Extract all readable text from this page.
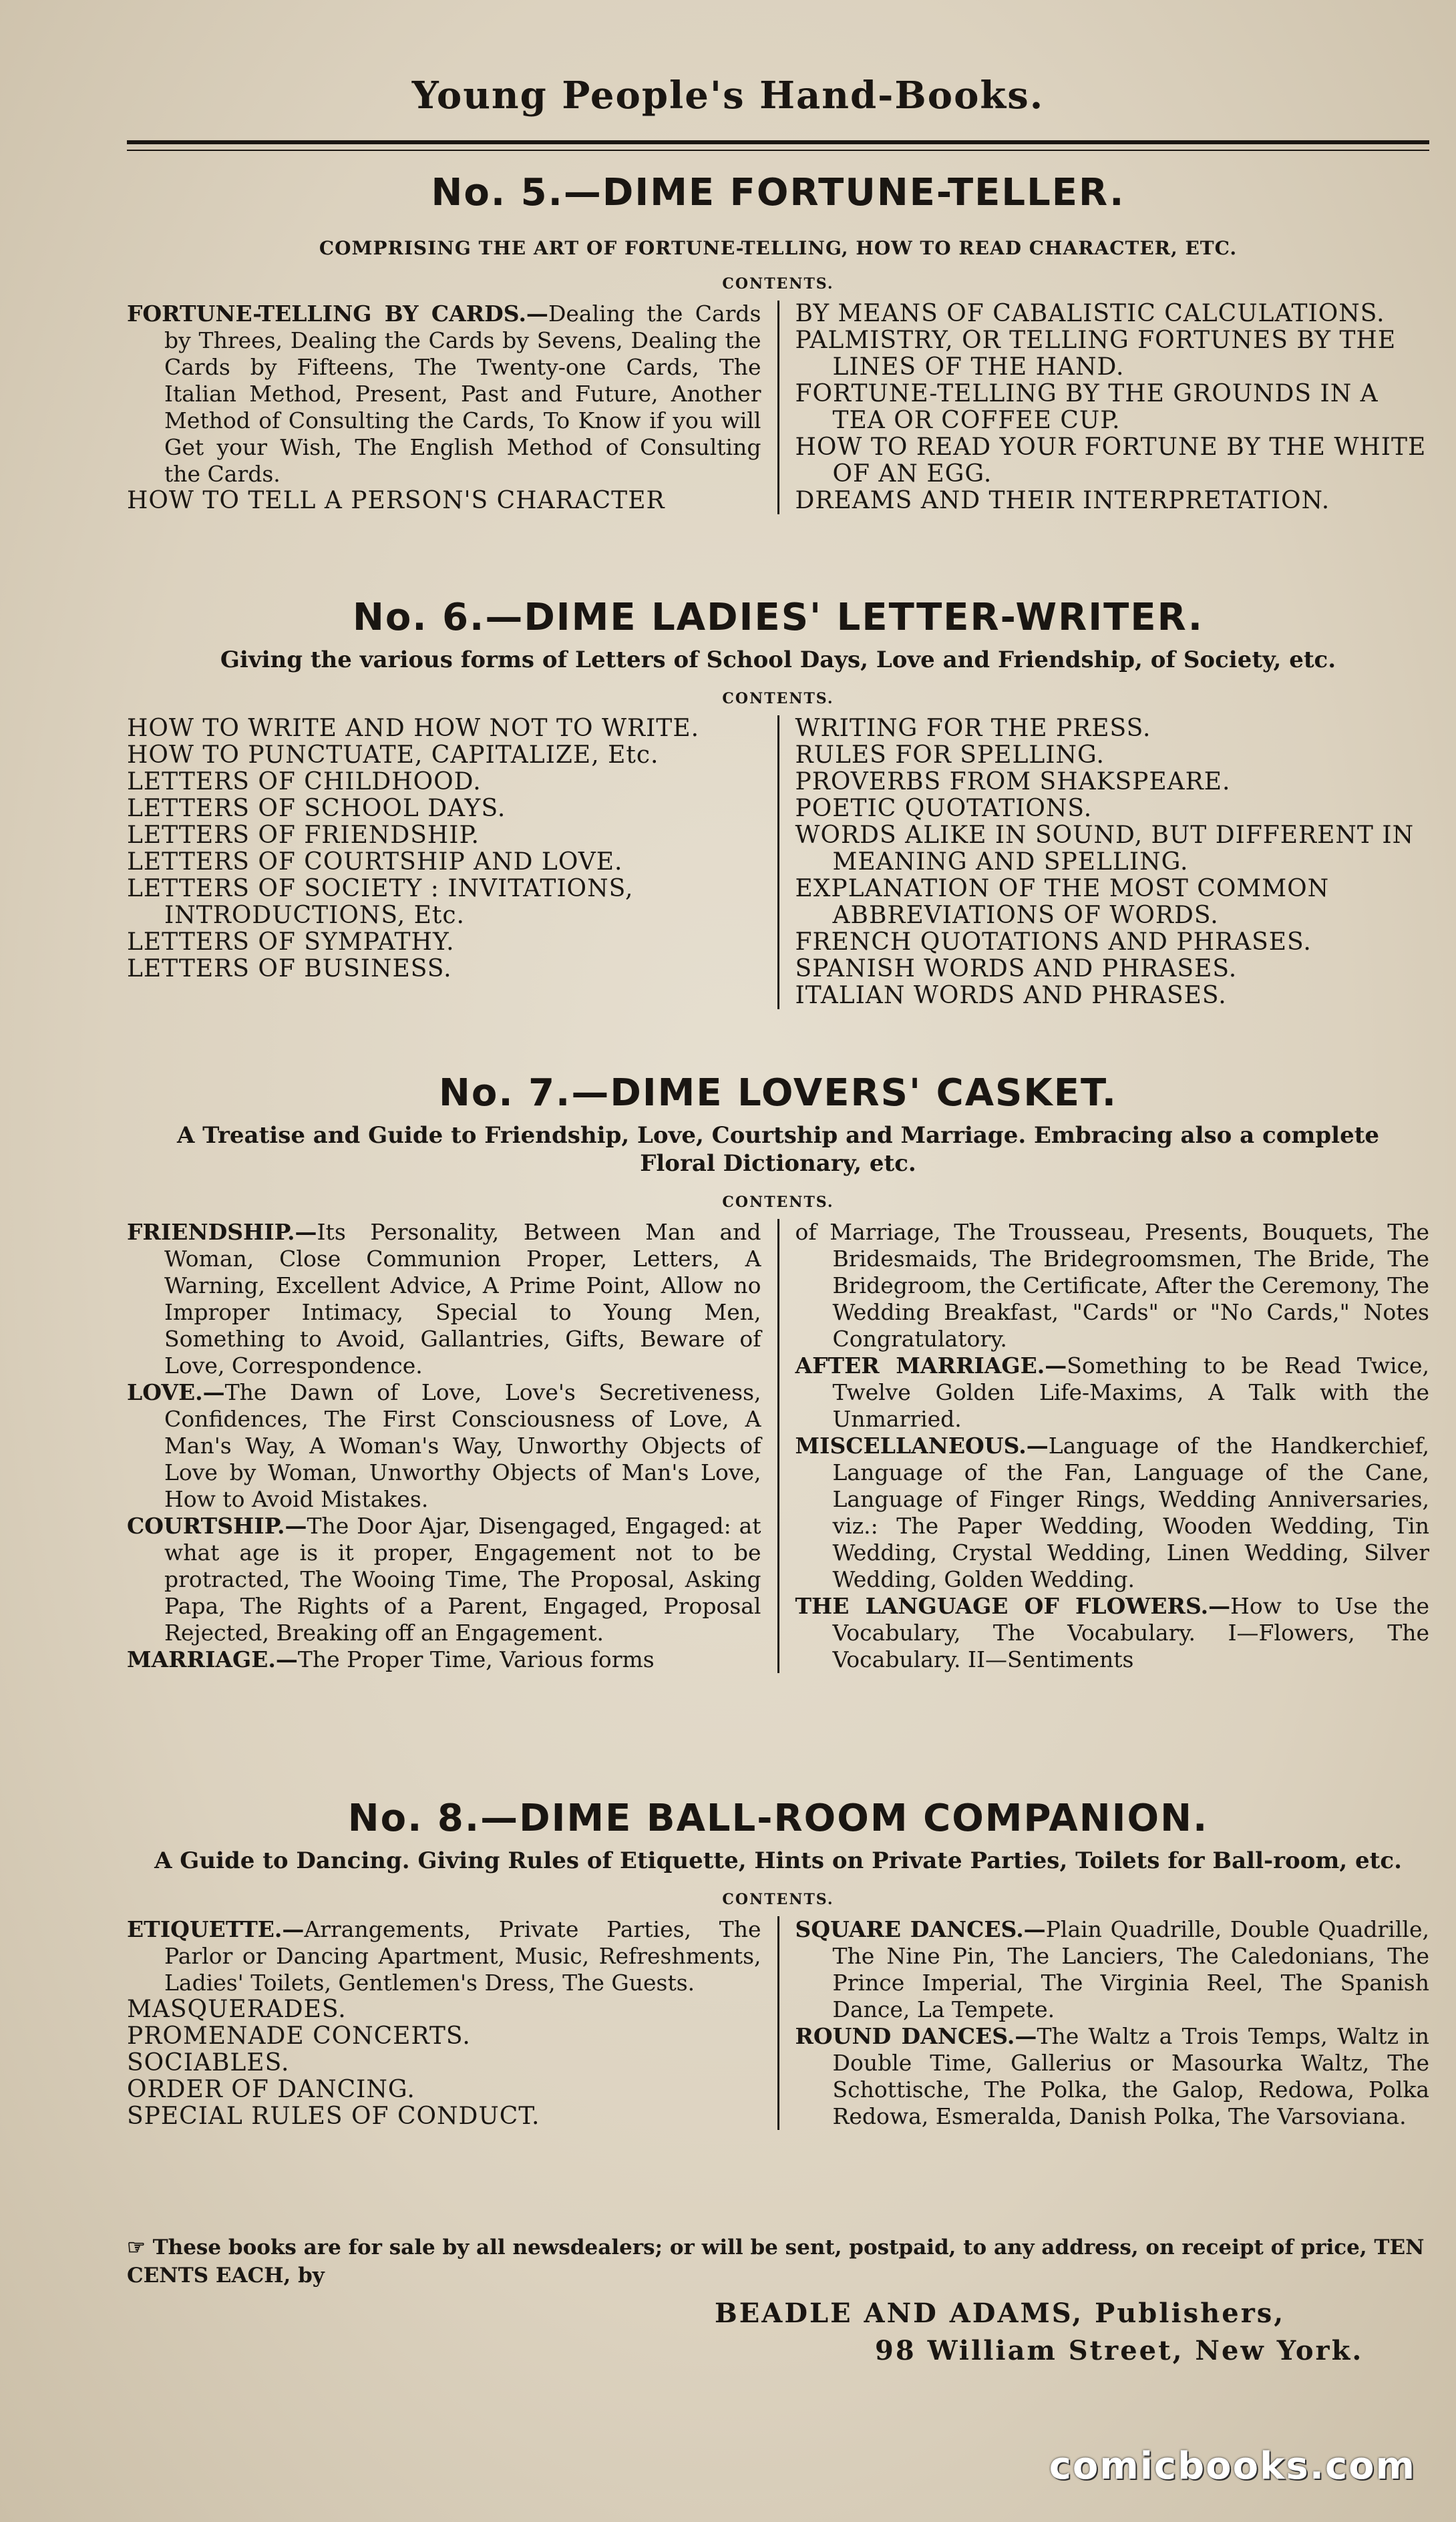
Young People's Hand-Books.
No. 5.—DIME FORTUNE-TELLER.
COMPRISING THE ART OF FORTUNE-TELLING, HOW TO READ CHARACTER, ETC.
CONTENTS.
FORTUNE-TELLING BY CARDS.—Dealing the Cards by Threes, Dealing the Cards by Sevens, Dealing the Cards by Fifteens, The Twenty-one Cards, The Italian Method, Present, Past and Future, Another Method of Consulting the Cards, To Know if you will Get your Wish, The English Method of Consulting the Cards.
HOW TO TELL A PERSON'S CHARACTER
BY MEANS OF CABALISTIC CALCULATIONS.
PALMISTRY, OR TELLING FORTUNES BY THE LINES OF THE HAND.
FORTUNE-TELLING BY THE GROUNDS IN A TEA OR COFFEE CUP.
HOW TO READ YOUR FORTUNE BY THE WHITE OF AN EGG.
DREAMS AND THEIR INTERPRETATION.
No. 6.—DIME LADIES' LETTER-WRITER.
Giving the various forms of Letters of School Days, Love and Friendship, of Society, etc.
CONTENTS.
HOW TO WRITE AND HOW NOT TO WRITE.
HOW TO PUNCTUATE, CAPITALIZE, Etc.
LETTERS OF CHILDHOOD.
LETTERS OF SCHOOL DAYS.
LETTERS OF FRIENDSHIP.
LETTERS OF COURTSHIP AND LOVE.
LETTERS OF SOCIETY : INVITATIONS, INTRODUCTIONS, Etc.
LETTERS OF SYMPATHY.
LETTERS OF BUSINESS.
WRITING FOR THE PRESS.
RULES FOR SPELLING.
PROVERBS FROM SHAKSPEARE.
POETIC QUOTATIONS.
WORDS ALIKE IN SOUND, BUT DIFFERENT IN MEANING AND SPELLING.
EXPLANATION OF THE MOST COMMON ABBREVIATIONS OF WORDS.
FRENCH QUOTATIONS AND PHRASES.
SPANISH WORDS AND PHRASES.
ITALIAN WORDS AND PHRASES.
No. 7.—DIME LOVERS' CASKET.
A Treatise and Guide to Friendship, Love, Courtship and Marriage. Embracing also a complete Floral Dictionary, etc.
CONTENTS.
FRIENDSHIP.—Its Personality, Between Man and Woman, Close Communion Proper, Letters, A Warning, Excellent Advice, A Prime Point, Allow no Improper Intimacy, Special to Young Men, Something to Avoid, Gallantries, Gifts, Beware of Love, Correspondence.
LOVE.—The Dawn of Love, Love's Secretiveness, Confidences, The First Consciousness of Love, A Man's Way, A Woman's Way, Unworthy Objects of Love by Woman, Unworthy Objects of Man's Love, How to Avoid Mistakes.
COURTSHIP.—The Door Ajar, Disengaged, Engaged: at what age is it proper, Engagement not to be protracted, The Wooing Time, The Proposal, Asking Papa, The Rights of a Parent, Engaged, Proposal Rejected, Breaking off an Engagement.
MARRIAGE.—The Proper Time, Various forms
of Marriage, The Trousseau, Presents, Bouquets, The Bridesmaids, The Bridegroomsmen, The Bride, The Bridegroom, the Certificate, After the Ceremony, The Wedding Breakfast, "Cards" or "No Cards," Notes Congratulatory.
AFTER MARRIAGE.—Something to be Read Twice, Twelve Golden Life-Maxims, A Talk with the Unmarried.
MISCELLANEOUS.—Language of the Handkerchief, Language of the Fan, Language of the Cane, Language of Finger Rings, Wedding Anniversaries, viz.: The Paper Wedding, Wooden Wedding, Tin Wedding, Crystal Wedding, Linen Wedding, Silver Wedding, Golden Wedding.
THE LANGUAGE OF FLOWERS.—How to Use the Vocabulary, The Vocabulary. I—Flowers, The Vocabulary. II—Sentiments
No. 8.—DIME BALL-ROOM COMPANION.
A Guide to Dancing. Giving Rules of Etiquette, Hints on Private Parties, Toilets for Ball-room, etc.
CONTENTS.
ETIQUETTE.—Arrangements, Private Parties, The Parlor or Dancing Apartment, Music, Refreshments, Ladies' Toilets, Gentlemen's Dress, The Guests.
MASQUERADES.
PROMENADE CONCERTS.
SOCIABLES.
ORDER OF DANCING.
SPECIAL RULES OF CONDUCT.
SQUARE DANCES.—Plain Quadrille, Double Quadrille, The Nine Pin, The Lanciers, The Caledonians, The Prince Imperial, The Virginia Reel, The Spanish Dance, La Tempete.
ROUND DANCES.—The Waltz a Trois Temps, Waltz in Double Time, Gallerius or Masourka Waltz, The Schottische, The Polka, the Galop, Redowa, Polka Redowa, Esmeralda, Danish Polka, The Varsoviana.
☞ These books are for sale by all newsdealers; or will be sent, postpaid, to any address, on receipt of price, TEN CENTS EACH, by
BEADLE AND ADAMS, Publishers,
98 William Street, New York.
comicbooks.com
